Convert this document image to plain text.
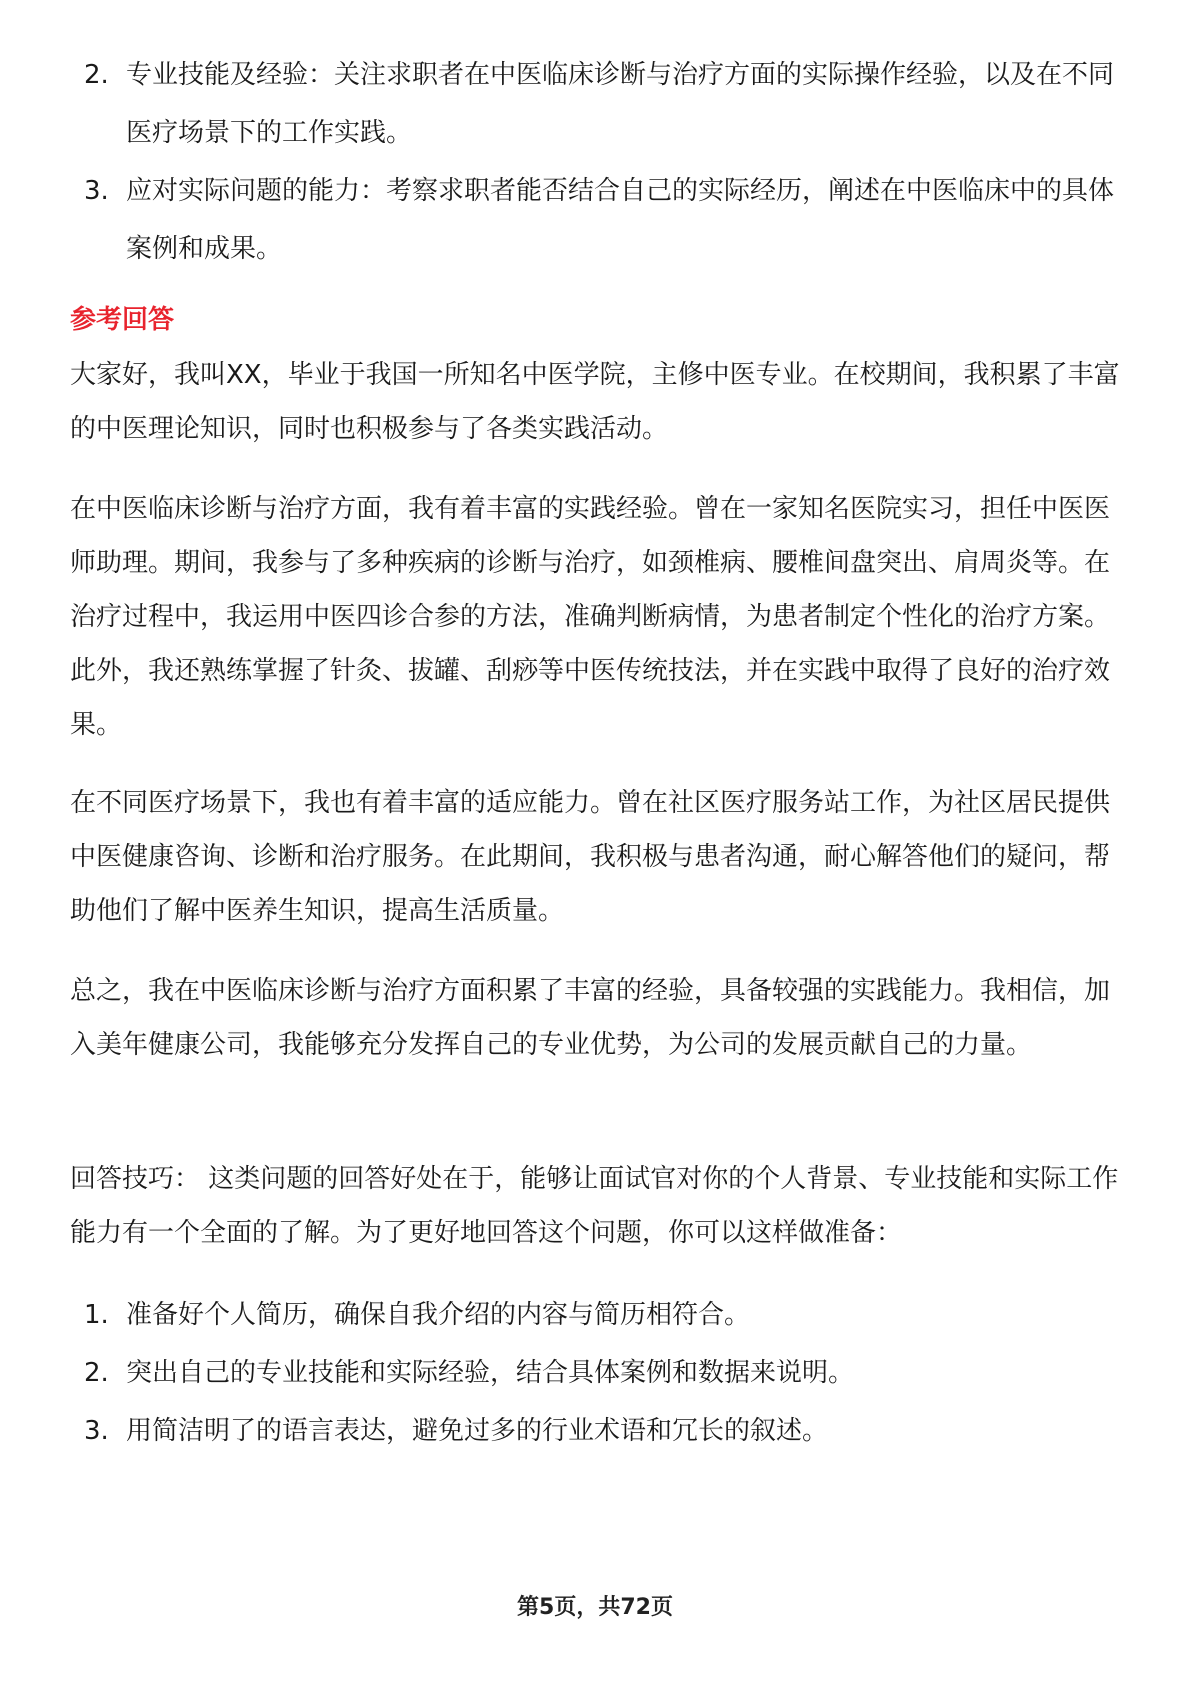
2. 专业技能及经验：关注求职者在中医临床诊断与治疗方面的实际操作经验，以及在不同医疗场景下的工作实践。
3. 应对实际问题的能力：考察求职者能否结合自己的实际经历，阐述在中医临床中的具体案例和成果。
参考回答

大家好，我叫XX，毕业于我国一所知名中医学院，主修中医专业。在校期间，我积累了丰富的中医理论知识，同时也积极参与了各类实践活动。

在中医临床诊断与治疗方面，我有着丰富的实践经验。曾在一家知名医院实习，担任中医医师助理。期间，我参与了多种疾病的诊断与治疗，如颈椎病、腰椎间盘突出、肩周炎等。在治疗过程中，我运用中医四诊合参的方法，准确判断病情，为患者制定个性化的治疗方案。此外，我还熟练掌握了针灸、拔罐、刮痧等中医传统技法，并在实践中取得了良好的治疗效果。

在不同医疗场景下，我也有着丰富的适应能力。曾在社区医疗服务站工作，为社区居民提供中医健康咨询、诊断和治疗服务。在此期间，我积极与患者沟通，耐心解答他们的疑问，帮助他们了解中医养生知识，提高生活质量。

总之，我在中医临床诊断与治疗方面积累了丰富的经验，具备较强的实践能力。我相信，加入美年健康公司，我能够充分发挥自己的专业优势，为公司的发展贡献自己的力量。

回答技巧： 这类问题的回答好处在于，能够让面试官对你的个人背景、专业技能和实际工作能力有一个全面的了解。为了更好地回答这个问题，你可以这样做准备：

1. 准备好个人简历，确保自我介绍的内容与简历相符合。
2. 突出自己的专业技能和实际经验，结合具体案例和数据来说明。
3. 用简洁明了的语言表达，避免过多的行业术语和冗长的叙述。
第5页，共72页
